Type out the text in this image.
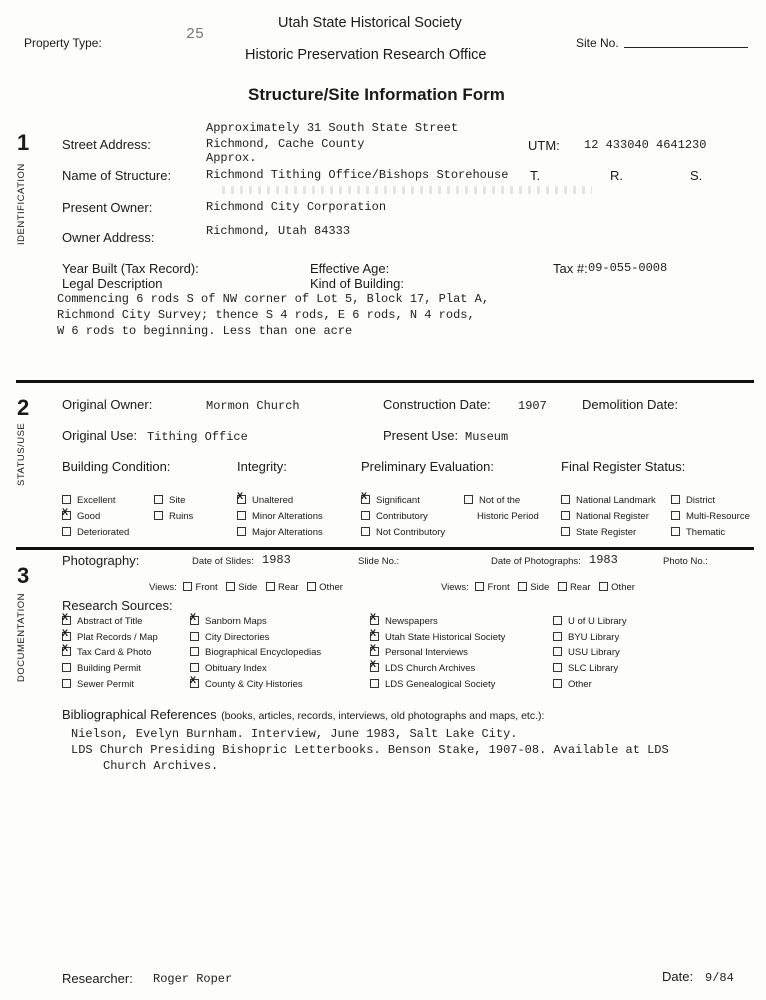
Property Type:	25
Utah State Historical Society
Historic Preservation Research Office
Site No.
Structure/Site Information Form
1
IDENTIFICATION
Street Address:
Approximately 31 South State Street
Richmond, Cache County
Approx.
UTM: 12 433040 4641230
Name of Structure:	Richmond Tithing Office/Bishops Storehouse T.	R.	S.
Present Owner:	Richmond City Corporation
Owner Address:	Richmond, Utah 84333
Year Built (Tax Record):	Effective Age:	Tax #: 09-055-0008
Legal Description	Kind of Building:
Commencing 6 rods S of NW corner of Lot 5, Block 17, Plat A,
Richmond City Survey; thence S 4 rods, E 6 rods, N 4 rods,
W 6 rods to beginning. Less than one acre
2
STATUS/USE
Original Owner:	Mormon Church	Construction Date: 1907	Demolition Date:
Original Use: Tithing Office	Present Use: Museum
Building Condition:	Integrity:	Preliminary Evaluation:	Final Register Status:
Excellent
XGood
Deteriorated
Site
Ruins
XUnaltered
Minor Alterations
Major Alterations
XSignificant
Contributory
Not Contributory
Not of the
Historic Period
National Landmark
National Register
State Register
District
Multi-Resource
Thematic
3
DOCUMENTATION
Photography:	Date of Slides: 1983	Slide No.:	Date of Photographs: 1983	Photo No.:
Views: Front Side Rear Other	Views: Front Side Rear Other
Research Sources:
XAbstract of Title
XPlat Records / Map
XTax Card & Photo
Building Permit
Sewer Permit
XSanborn Maps
City Directories
Biographical Encyclopedias
Obituary Index
XCounty & City Histories
XNewspapers
XUtah State Historical Society
XPersonal Interviews
XLDS Church Archives
LDS Genealogical Society
U of U Library
BYU Library
USU Library
SLC Library
Other
Bibliographical References (books, articles, records, interviews, old photographs and maps, etc.):
Nielson, Evelyn Burnham. Interview, June 1983, Salt Lake City.
LDS Church Presiding Bishopric Letterbooks. Benson Stake, 1907-08. Available at LDS
Church Archives.
Researcher: Roger Roper	Date: 9/84
